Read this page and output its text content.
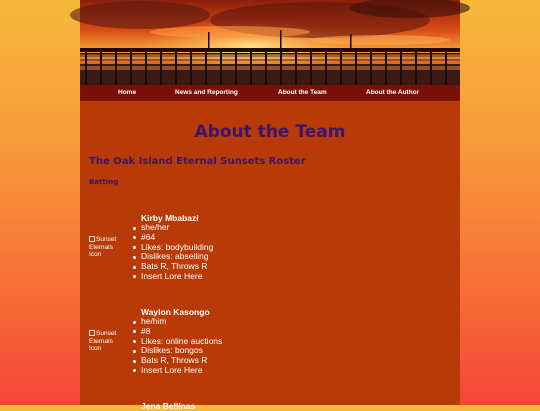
Home	News and Reporting	About the Team	About the Author
About the Team
The Oak Island Eternal Sunsets Roster
Batting
Sunset Eternals Icon
Kirby Mbabazi
she/her
#64
Likes: bodybuilding
Dislikes: abseiling
Bats R, Throws R
Insert Lore Here
Sunset Eternals Icon
Waylon Kasongo
he/him
#8
Likes: online auctions
Dislikes: bongos
Bats R, Throws R
Insert Lore Here
Jena Bellinas
